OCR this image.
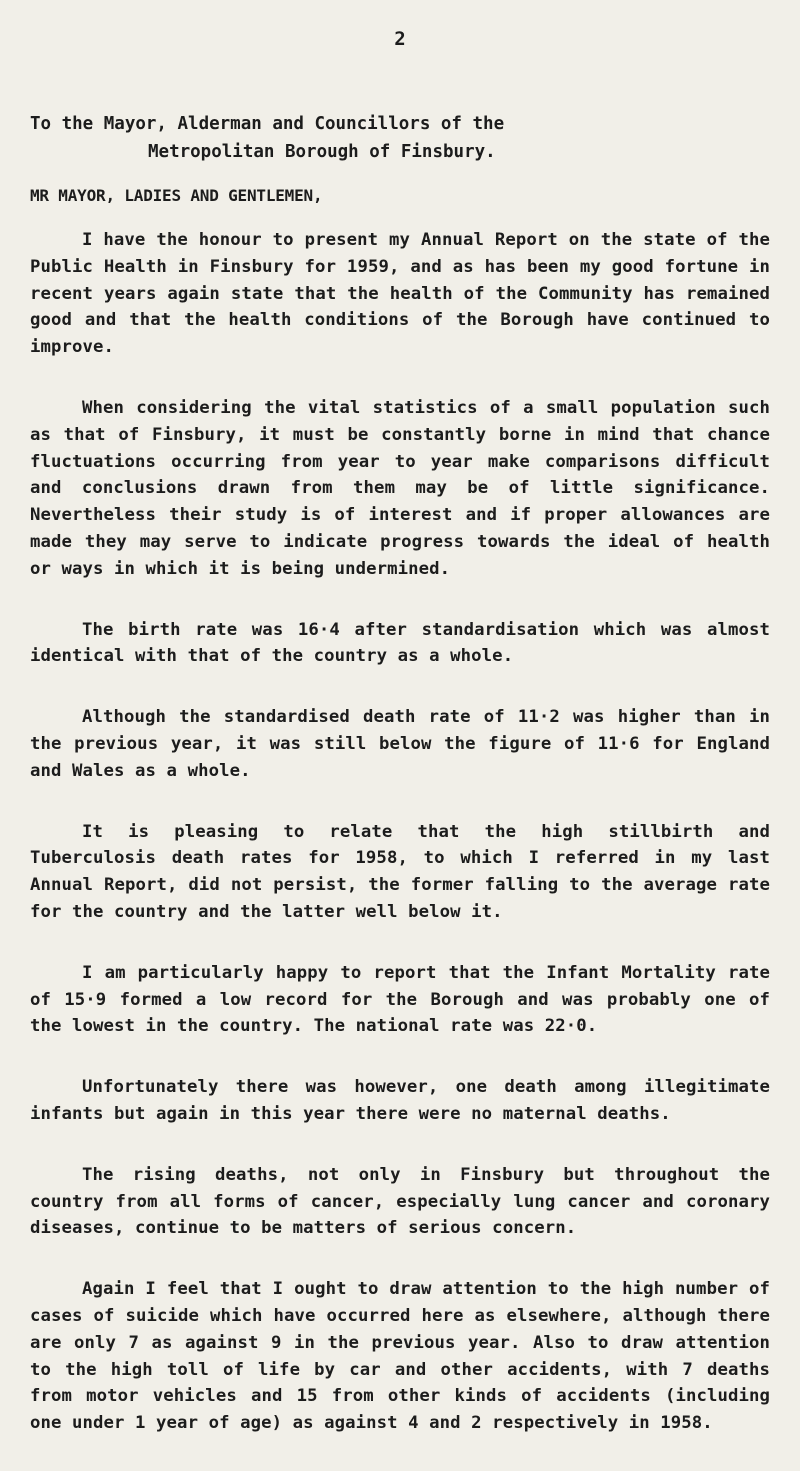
2
To the Mayor, Alderman and Councillors of the
Metropolitan Borough of Finsbury.
MR MAYOR, LADIES AND GENTLEMEN,

I have the honour to present my Annual Report on the state of the Public Health in Finsbury for 1959, and as has been my good fortune in recent years again state that the health of the Community has remained good and that the health conditions of the Borough have continued to improve.

When considering the vital statistics of a small population such as that of Finsbury, it must be constantly borne in mind that chance fluctuations occurring from year to year make comparisons difficult and conclusions drawn from them may be of little significance. Nevertheless their study is of interest and if proper allowances are made they may serve to indicate progress towards the ideal of health or ways in which it is being undermined.

The birth rate was 16·4 after standardisation which was almost identical with that of the country as a whole.

Although the standardised death rate of 11·2 was higher than in the previous year, it was still below the figure of 11·6 for England and Wales as a whole.

It is pleasing to relate that the high stillbirth and Tuberculosis death rates for 1958, to which I referred in my last Annual Report, did not persist, the former falling to the average rate for the country and the latter well below it.

I am particularly happy to report that the Infant Mortality rate of 15·9 formed a low record for the Borough and was probably one of the lowest in the country. The national rate was 22·0.

Unfortunately there was however, one death among illegitimate infants but again in this year there were no maternal deaths.

The rising deaths, not only in Finsbury but throughout the country from all forms of cancer, especially lung cancer and coronary diseases, continue to be matters of serious concern.

Again I feel that I ought to draw attention to the high number of cases of suicide which have occurred here as elsewhere, although there are only 7 as against 9 in the previous year. Also to draw attention to the high toll of life by car and other accidents, with 7 deaths from motor vehicles and 15 from other kinds of accidents (including one under 1 year of age) as against 4 and 2 respectively in 1958.
